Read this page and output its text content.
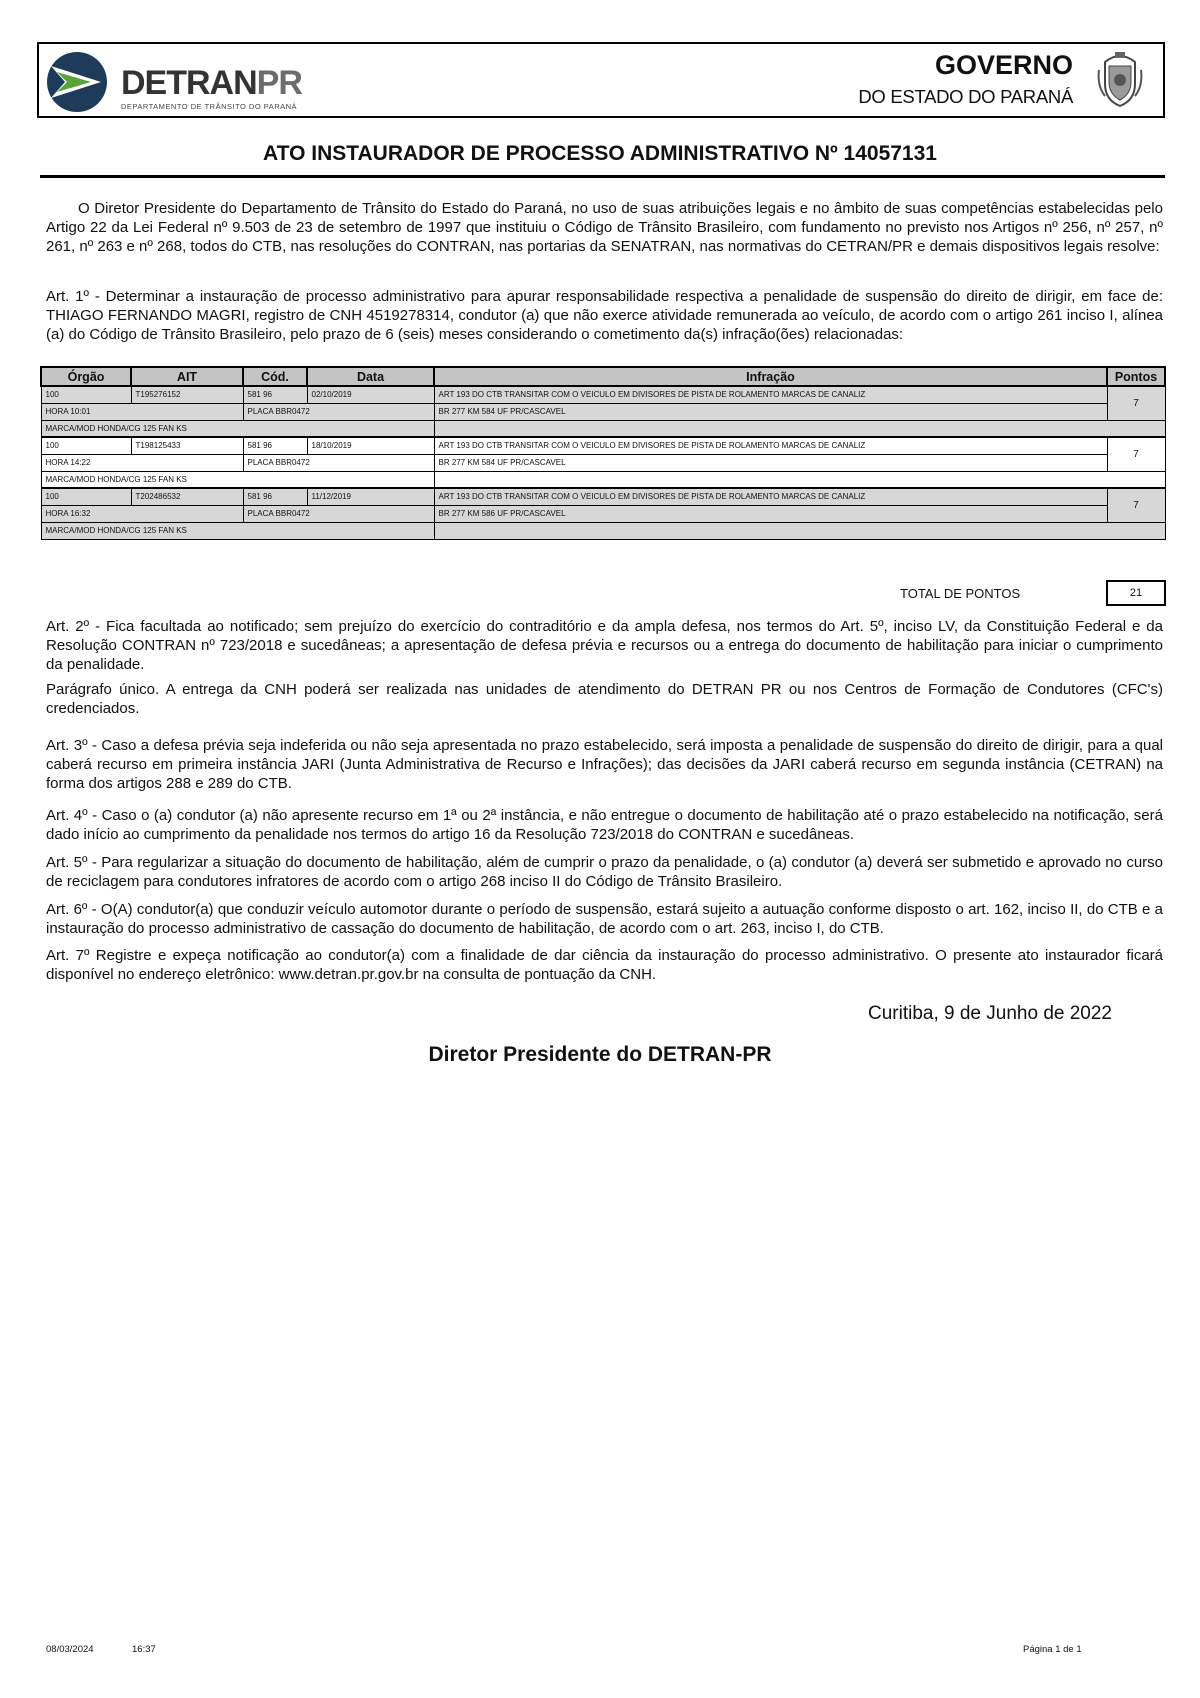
DETRANPR
DEPARTAMENTO DE TRÂNSITO DO PARANÁ
GOVERNO
DO ESTADO DO PARANÁ
ATO INSTAURADOR DE PROCESSO ADMINISTRATIVO Nº 14057131
O Diretor Presidente do Departamento de Trânsito do Estado do Paraná, no uso de suas atribuições legais e no âmbito de suas competências estabelecidas pelo Artigo 22 da Lei Federal nº 9.503 de 23 de setembro de 1997 que instituiu o Código de Trânsito Brasileiro, com fundamento no previsto nos Artigos nº 256, nº 257, nº 261, nº 263 e nº 268, todos do CTB, nas resoluções do CONTRAN, nas portarias da SENATRAN, nas normativas do CETRAN/PR e demais dispositivos legais resolve:
Art. 1º - Determinar a instauração de processo administrativo para apurar responsabilidade respectiva a penalidade de suspensão do direito de dirigir, em face de: THIAGO FERNANDO MAGRI, registro de CNH 4519278314, condutor (a) que não exerce atividade remunerada ao veículo, de acordo com o artigo 261 inciso I, alínea (a) do Código de Trânsito Brasileiro, pelo prazo de 6 (seis) meses considerando o cometimento da(s) infração(ões) relacionadas:
Órgão	AIT	Cód.	Data	Infração	Pontos
100	T195276152	581 96	02/10/2019	ART 193 DO CTB TRANSITAR COM O VEICULO EM DIVISORES DE PISTA DE ROLAMENTO MARCAS DE CANALIZ	7
HORA 10:01		PLACA BBR0472		BR 277 KM 584 UF PR/CASCAVEL	
MARCA/MOD HONDA/CG 125 FAN KS					
100	T198125433	581 96	18/10/2019	ART 193 DO CTB TRANSITAR COM O VEICULO EM DIVISORES DE PISTA DE ROLAMENTO MARCAS DE CANALIZ	7
HORA 14:22		PLACA BBR0472		BR 277 KM 584 UF PR/CASCAVEL	
MARCA/MOD HONDA/CG 125 FAN KS					
100	T202486532	581 96	11/12/2019	ART 193 DO CTB TRANSITAR COM O VEICULO EM DIVISORES DE PISTA DE ROLAMENTO MARCAS DE CANALIZ	7
HORA 16:32		PLACA BBR0472		BR 277 KM 586 UF PR/CASCAVEL	
MARCA/MOD HONDA/CG 125 FAN KS					
TOTAL DE PONTOS	21
Art. 2º - Fica facultada ao notificado; sem prejuízo do exercício do contraditório e da ampla defesa, nos termos do Art. 5º, inciso LV, da Constituição Federal e da Resolução CONTRAN nº 723/2018 e sucedâneas; a apresentação de defesa prévia e recursos ou a entrega do documento de habilitação para iniciar o cumprimento da penalidade.
Parágrafo único. A entrega da CNH poderá ser realizada nas unidades de atendimento do DETRAN PR ou nos Centros de Formação de Condutores (CFC's) credenciados.
Art. 3º - Caso a defesa prévia seja indeferida ou não seja apresentada no prazo estabelecido, será imposta a penalidade de suspensão do direito de dirigir, para a qual caberá recurso em primeira instância JARI (Junta Administrativa de Recurso e Infrações); das decisões da JARI caberá recurso em segunda instância (CETRAN) na forma dos artigos 288 e 289 do CTB.
Art. 4º - Caso o (a) condutor (a) não apresente recurso em 1ª ou 2ª instância, e não entregue o documento de habilitação até o prazo estabelecido na notificação, será dado início ao cumprimento da penalidade nos termos do artigo 16 da Resolução 723/2018 do CONTRAN e sucedâneas.
Art. 5º - Para regularizar a situação do documento de habilitação, além de cumprir o prazo da penalidade, o (a) condutor (a) deverá ser submetido e aprovado no curso de reciclagem para condutores infratores de acordo com o artigo 268 inciso II do Código de Trânsito Brasileiro.
Art. 6º - O(A) condutor(a) que conduzir veículo automotor durante o período de suspensão, estará sujeito a autuação conforme disposto o art. 162, inciso II, do CTB e a instauração do processo administrativo de cassação do documento de habilitação, de acordo com o art. 263, inciso I, do CTB.
Art. 7º Registre e expeça notificação ao condutor(a) com a finalidade de dar ciência da instauração do processo administrativo. O presente ato instaurador ficará disponível no endereço eletrônico: www.detran.pr.gov.br na consulta de pontuação da CNH.
Curitiba, 9 de Junho de 2022
Diretor Presidente do DETRAN-PR
08/03/2024	16:37	Página 1 de 1
